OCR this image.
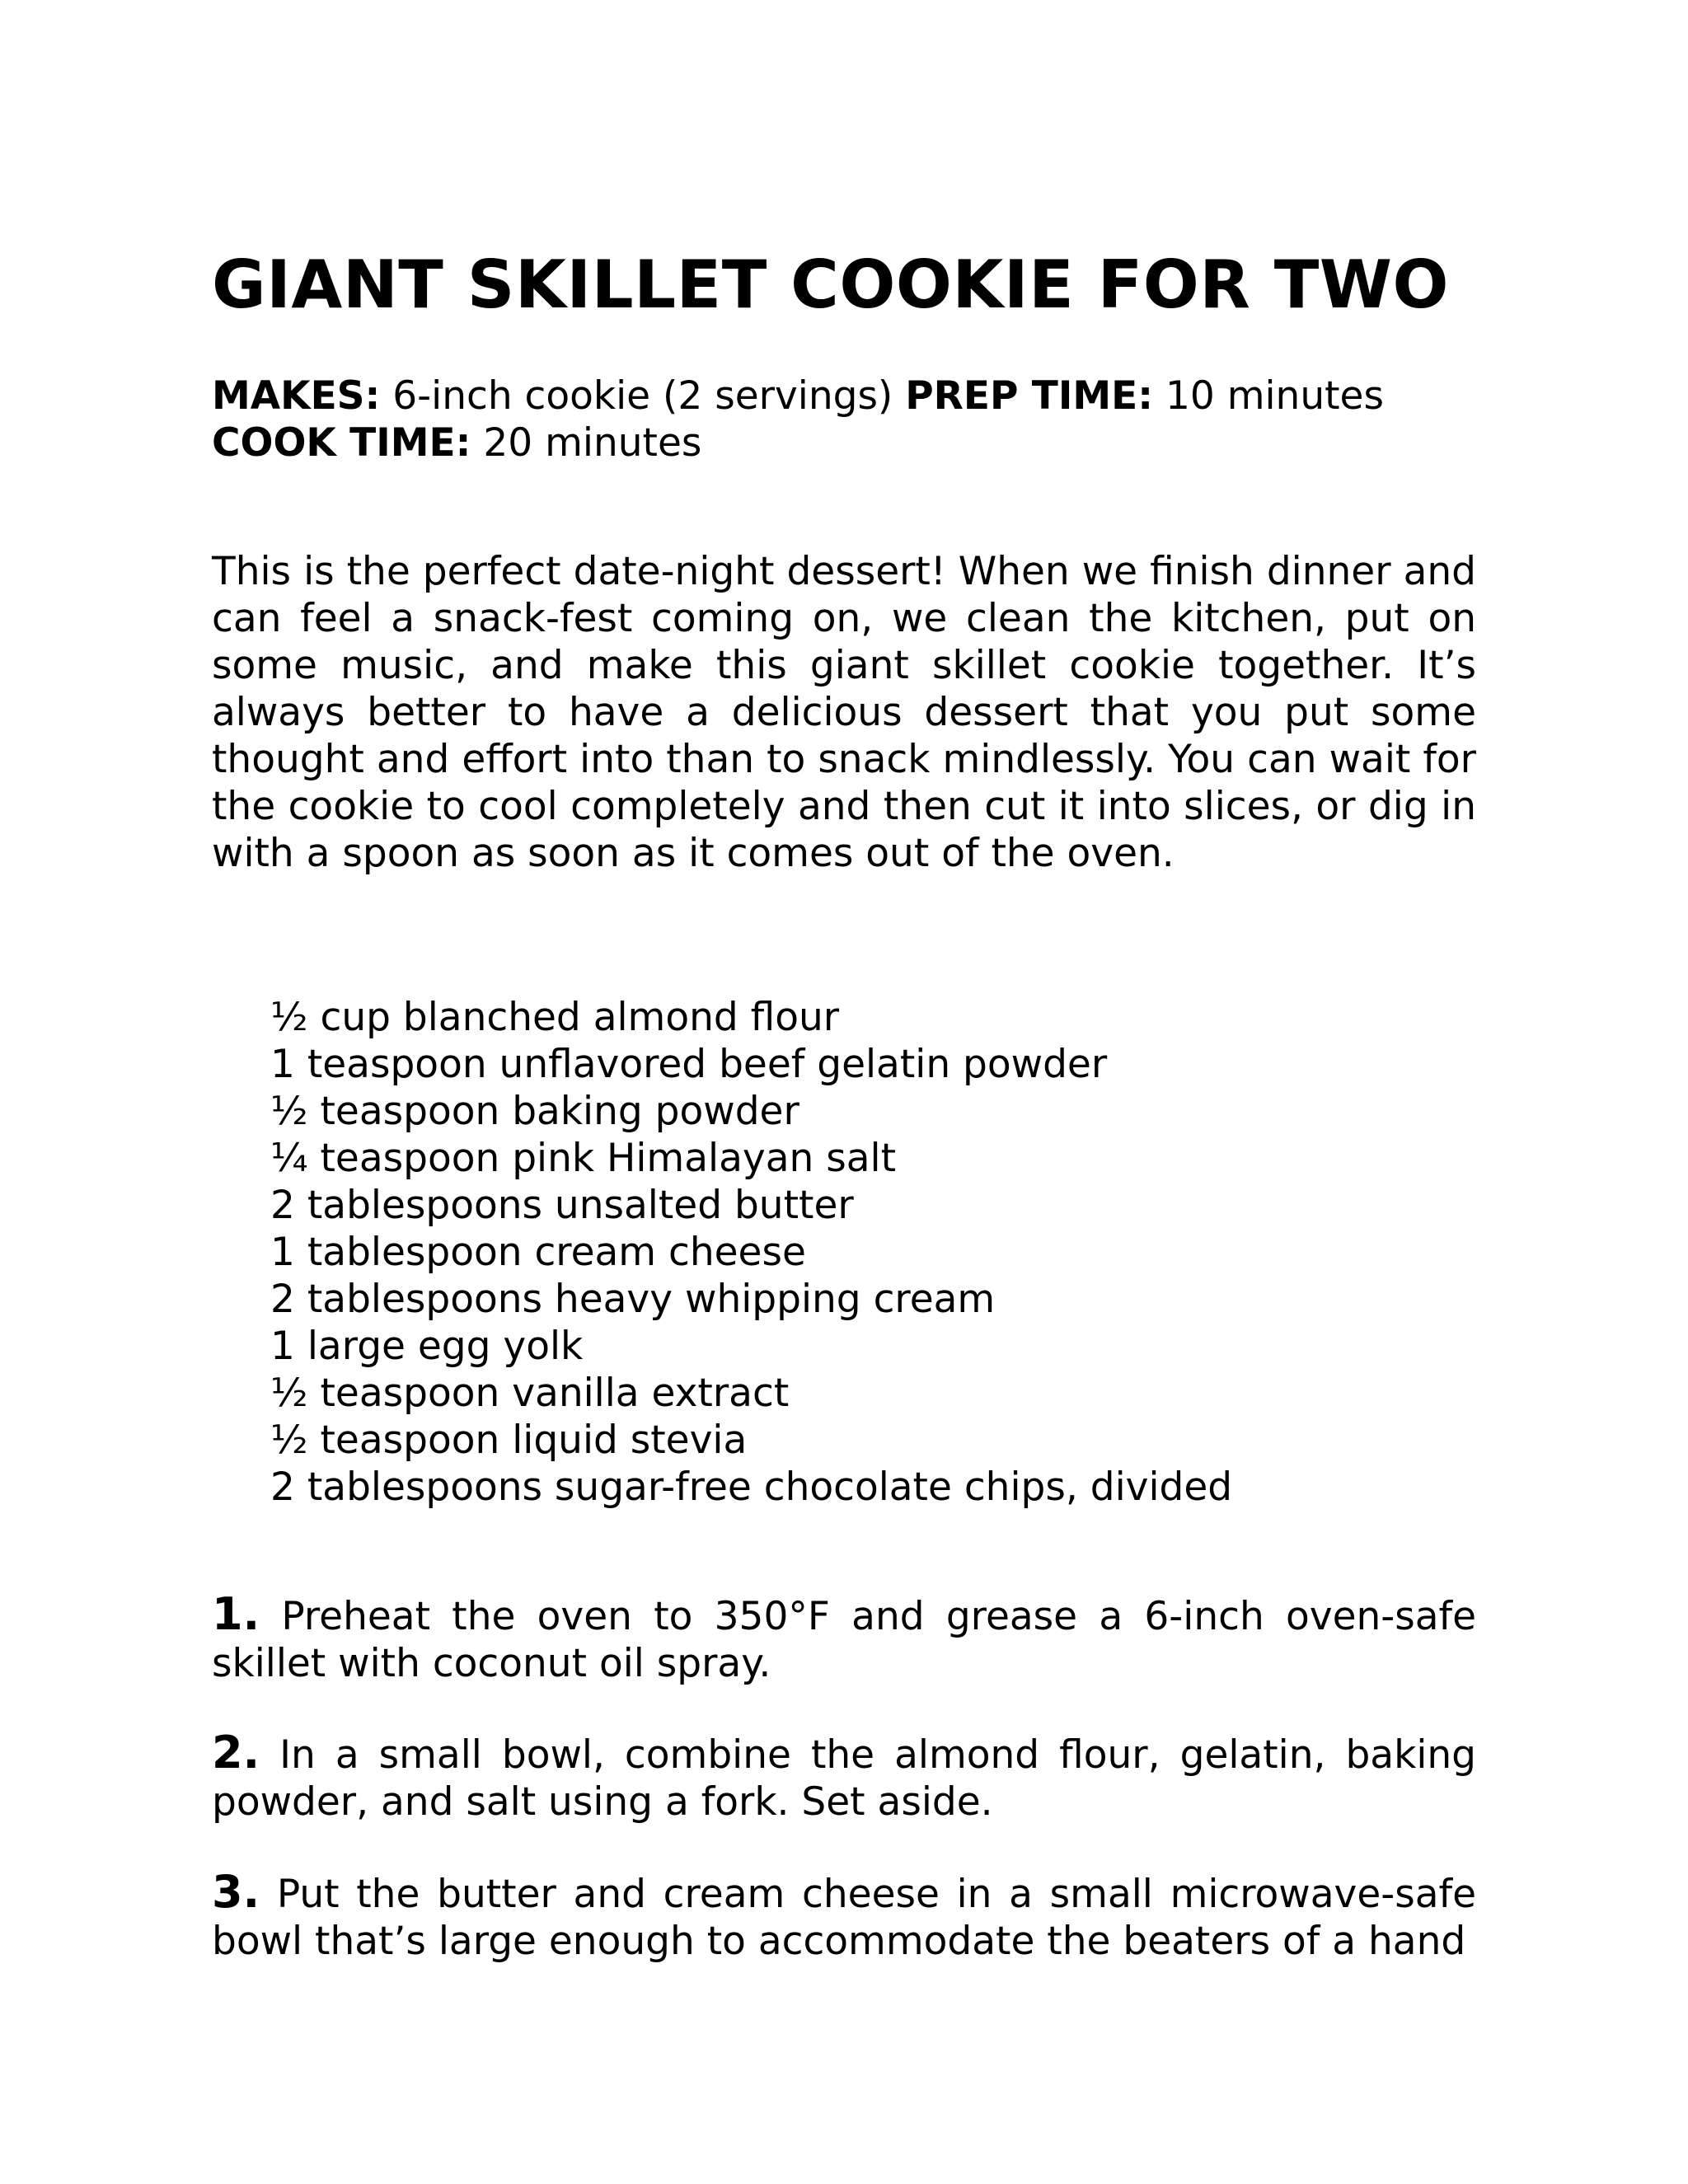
GIANT SKILLET COOKIE FOR TWO

MAKES: 6-inch cookie (2 servings) PREP TIME: 10 minutes
COOK TIME: 20 minutes

This is the perfect date-night dessert! When we finish dinner and can feel a snack-fest coming on, we clean the kitchen, put on some music, and make this giant skillet cookie together. It’s always better to have a delicious dessert that you put some thought and effort into than to snack mindlessly. You can wait for the cookie to cool completely and then cut it into slices, or dig in with a spoon as soon as it comes out of the oven.

½ cup blanched almond flour
1 teaspoon unflavored beef gelatin powder
½ teaspoon baking powder
¼ teaspoon pink Himalayan salt
2 tablespoons unsalted butter
1 tablespoon cream cheese
2 tablespoons heavy whipping cream
1 large egg yolk
½ teaspoon vanilla extract
½ teaspoon liquid stevia
2 tablespoons sugar-free chocolate chips, divided

1. Preheat the oven to 350°F and grease a 6-inch oven-safe skillet with coconut oil spray.

2. In a small bowl, combine the almond flour, gelatin, baking powder, and salt using a fork. Set aside.

3. Put the butter and cream cheese in a small microwave-safe bowl that’s large enough to accommodate the beaters of a hand
